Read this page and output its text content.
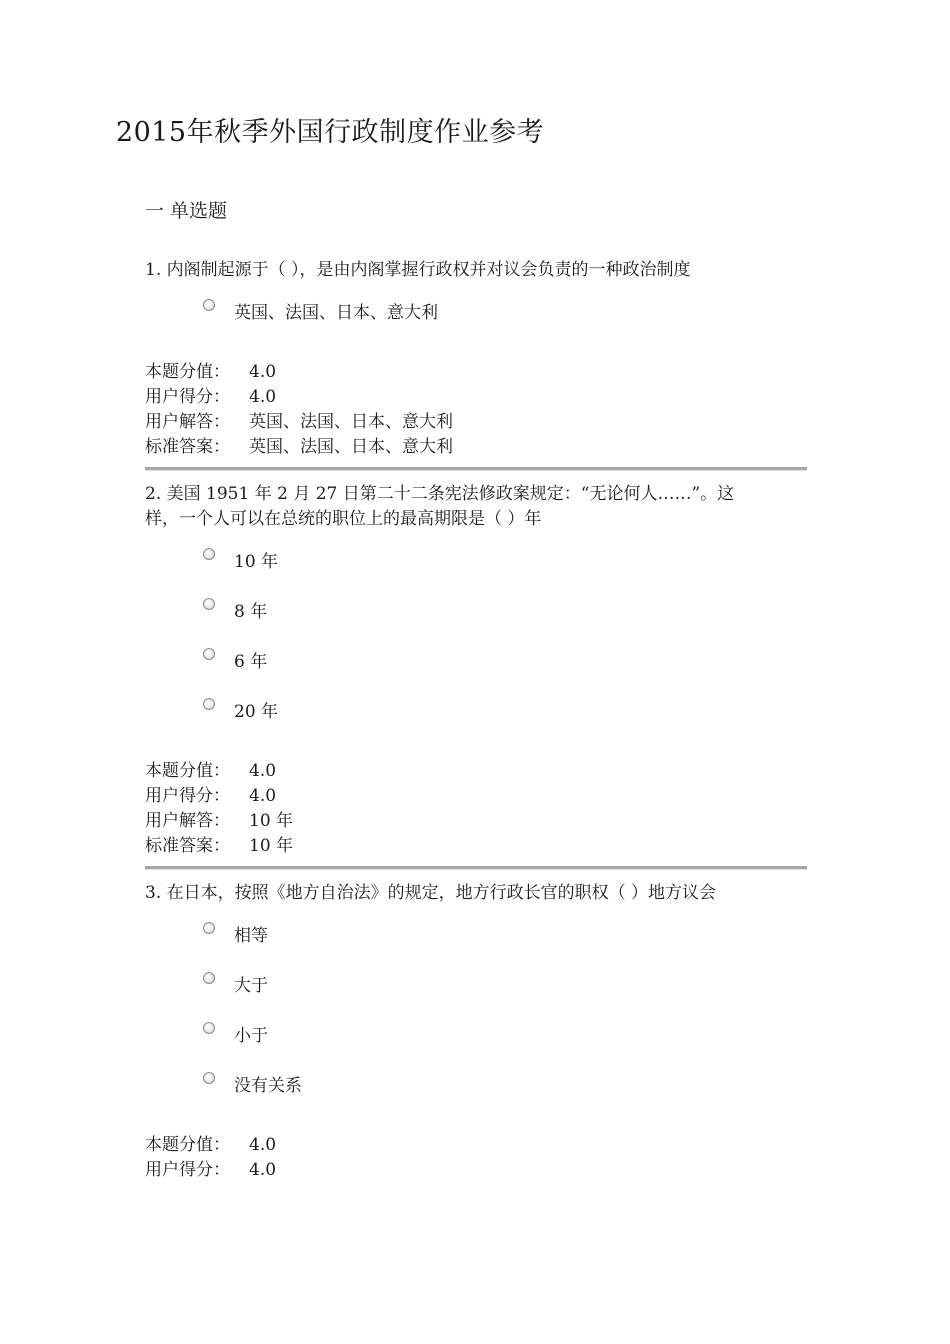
2015年秋季外国行政制度作业参考
一 单选题

1. 内阁制起源于（ ），是由内阁掌握行政权并对议会负责的一种政治制度

英国、法国、日本、意大利
本题分值：	4.0
用户得分：	4.0
用户解答：	英国、法国、日本、意大利
标准答案：	英国、法国、日本、意大利

2. 美国 1951 年 2 月 27 日第二十二条宪法修政案规定：“无论何人……”。这

样，一个人可以在总统的职位上的最高期限是（ ）年

10 年
8 年
6 年
20 年
本题分值：	4.0
用户得分：	4.0
用户解答：	10 年
标准答案：	10 年

3. 在日本，按照《地方自治法》的规定，地方行政长官的职权（ ）地方议会

相等
大于
小于
没有关系
本题分值：	4.0
用户得分：	4.0
